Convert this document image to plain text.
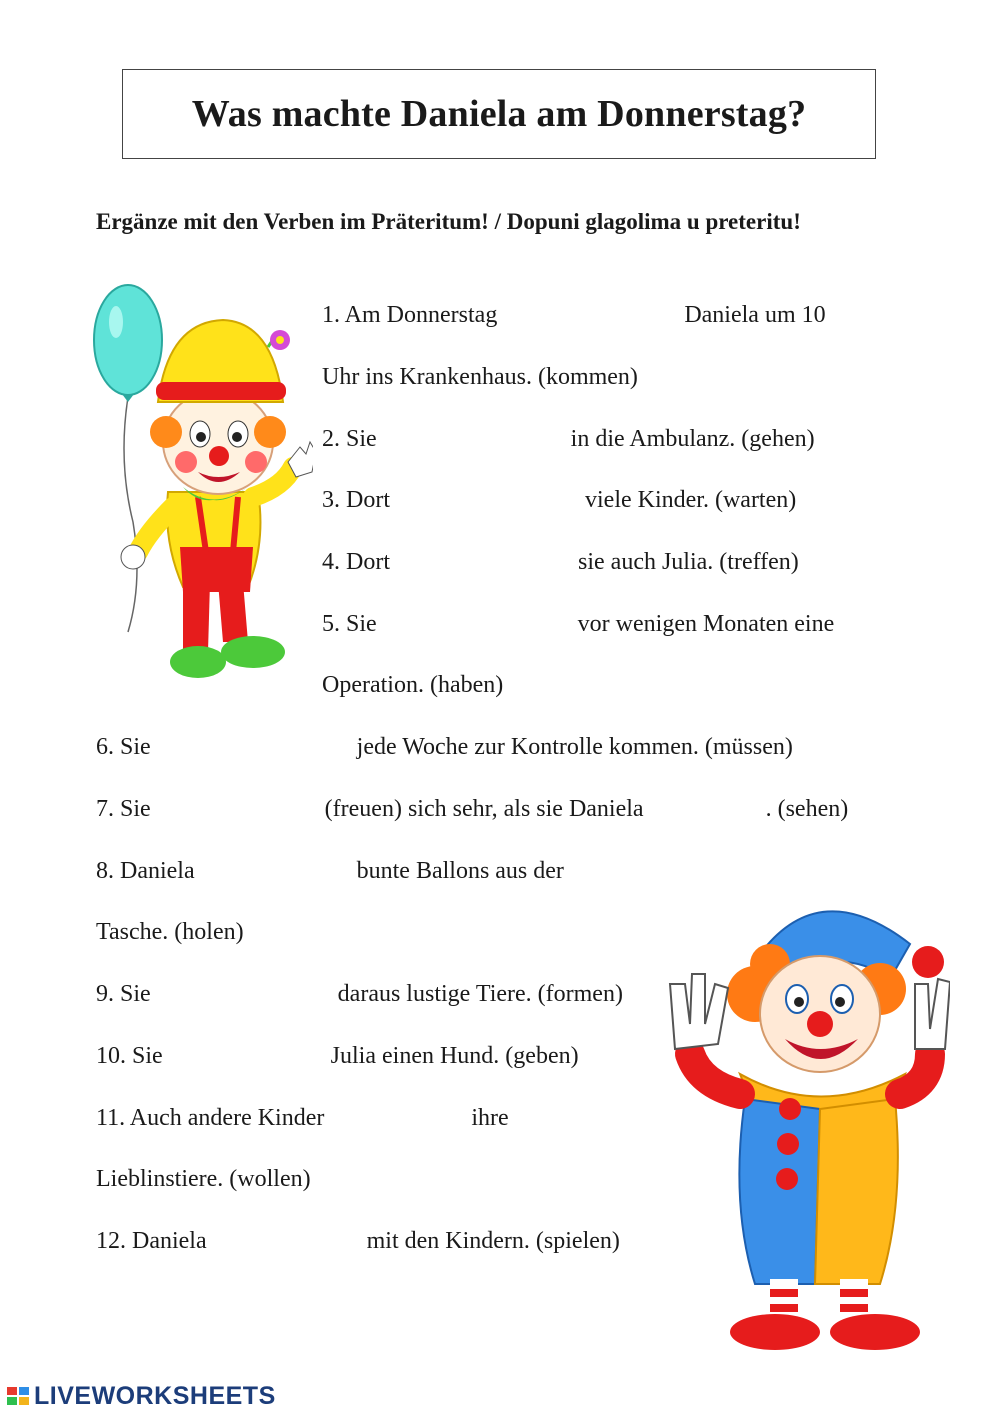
Was machte Daniela am Donnerstag?
Ergänze mit den Verben im Präteritum! / Dopuni glagolima u preteritu!
1. Am Donnerstag	Daniela um 10
Uhr ins Krankenhaus. (kommen)
2. Sie	in die Ambulanz. (gehen)
3. Dort	viele Kinder. (warten)
4. Dort	sie auch Julia. (treffen)
5. Sie	vor wenigen Monaten eine
Operation. (haben)
6. Sie	jede Woche zur Kontrolle kommen. (müssen)
7. Sie	(freuen) sich sehr, als sie Daniela	. (sehen)
8. Daniela	bunte Ballons aus der
Tasche. (holen)
9. Sie	daraus lustige Tiere. (formen)
10. Sie	Julia einen Hund. (geben)
11. Auch andere Kinder	ihre
Lieblinstiere. (wollen)
12. Daniela	mit den Kindern. (spielen)
LIVEWORKSHEETS
